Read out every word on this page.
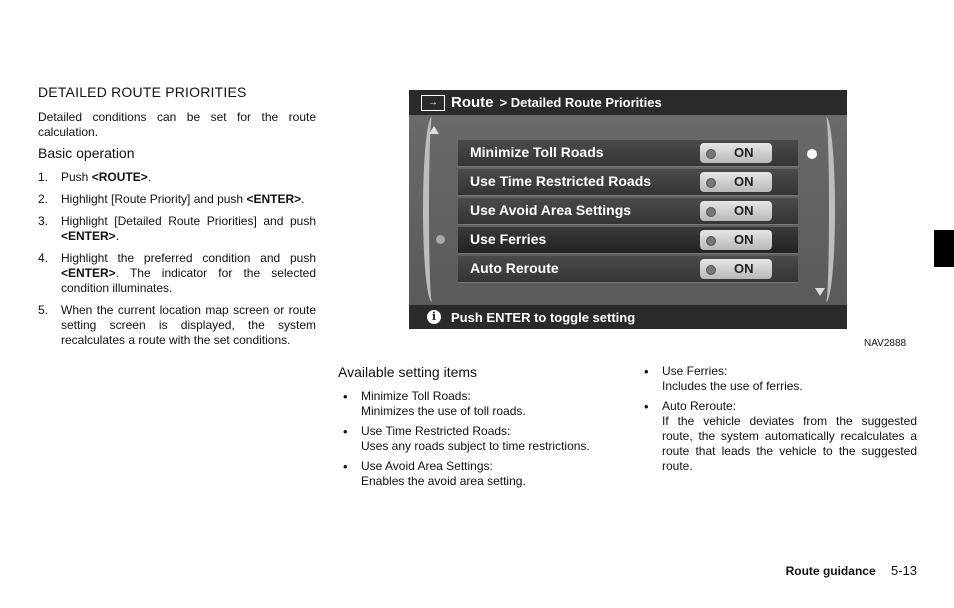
DETAILED ROUTE PRIORITIES
Detailed conditions can be set for the route calculation.
Basic operation
1. Push <ROUTE>.
2. Highlight [Route Priority] and push <ENTER>.
3. Highlight [Detailed Route Priorities] and push <ENTER>.
4. Highlight the preferred condition and push <ENTER>. The indicator for the selected condition illuminates.
5. When the current location map screen or route setting screen is displayed, the system recalculates a route with the set conditions.
→ Route > Detailed Route Priorities
Minimize Toll Roads	ON
Use Time Restricted Roads	ON
Use Avoid Area Settings	ON
Use Ferries	ON
Auto Reroute	ON
i	Push ENTER to toggle setting
NAV2888
Available setting items
• Minimize Toll Roads:
Minimizes the use of toll roads.
• Use Time Restricted Roads:
Uses any roads subject to time restrictions.
• Use Avoid Area Settings:
Enables the avoid area setting.
• Use Ferries:
Includes the use of ferries.
• Auto Reroute:
If the vehicle deviates from the suggested route, the system automatically recalculates a route that leads the vehicle to the suggested route.
Route guidance 5-13
